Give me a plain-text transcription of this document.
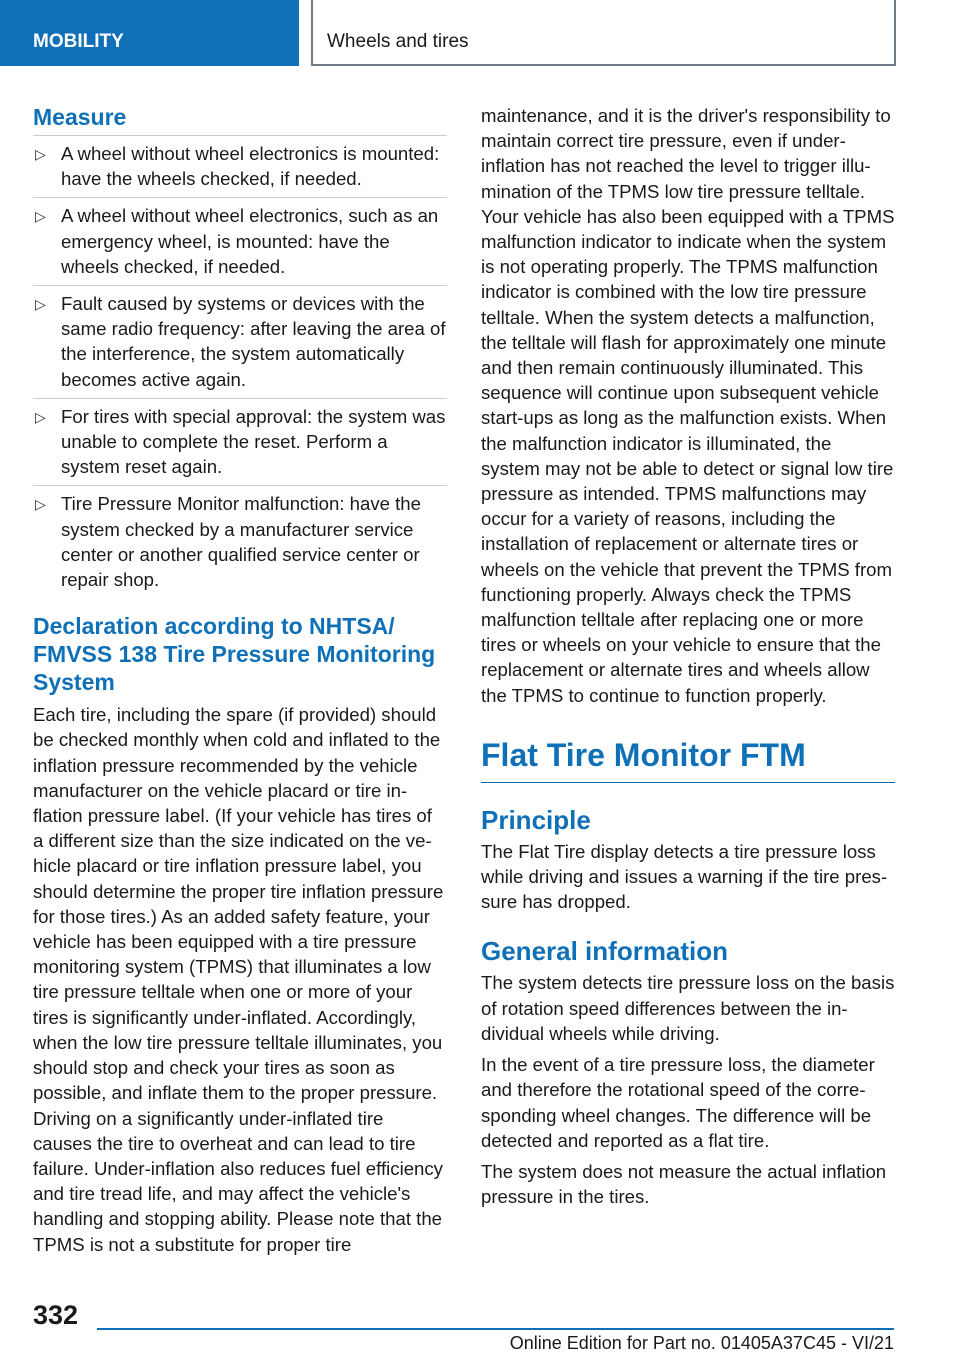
MOBILITY	Wheels and tires
Measure
▷ A wheel without wheel electronics is mounted: have the wheels checked, if needed.
▷ A wheel without wheel electronics, such as an emergency wheel, is mounted: have the wheels checked, if needed.
▷ Fault caused by systems or devices with the same radio frequency: after leaving the area of the interference, the system automatically becomes active again.
▷ For tires with special approval: the system was unable to complete the reset. Perform a system reset again.
▷ Tire Pressure Monitor malfunction: have the system checked by a manufacturer service center or another qualified service center or repair shop.
Declaration according to NHTSA/ FMVSS 138 Tire Pressure Monitoring System

Each tire, including the spare (if provided) should be checked monthly when cold and inflated to the inflation pressure recommended by the vehicle manufacturer on the vehicle placard or tire inflation pressure label. (If your vehicle has tires of a different size than the size indicated on the vehicle placard or tire inflation pressure label, you should determine the proper tire inflation pressure for those tires.) As an added safety feature, your vehicle has been equipped with a tire pressure monitoring system (TPMS) that illuminates a low tire pressure telltale when one or more of your tires is significantly under-inflated. Accordingly, when the low tire pressure telltale illuminates, you should stop and check your tires as soon as possible, and inflate them to the proper pressure. Driving on a significantly under-inflated tire causes the tire to overheat and can lead to tire failure. Under-inflation also reduces fuel efficiency and tire tread life, and may affect the vehicle's handling and stopping ability. Please note that the TPMS is not a substitute for proper tire

maintenance, and it is the driver's responsibility to maintain correct tire pressure, even if underinflation has not reached the level to trigger illumination of the TPMS low tire pressure telltale. Your vehicle has also been equipped with a TPMS malfunction indicator to indicate when the system is not operating properly. The TPMS malfunction indicator is combined with the low tire pressure telltale. When the system detects a malfunction, the telltale will flash for approximately one minute and then remain continuously illuminated. This sequence will continue upon subsequent vehicle start-ups as long as the malfunction exists. When the malfunction indicator is illuminated, the system may not be able to detect or signal low tire pressure as intended. TPMS malfunctions may occur for a variety of reasons, including the installation of replacement or alternate tires or wheels on the vehicle that prevent the TPMS from functioning properly. Always check the TPMS malfunction telltale after replacing one or more tires or wheels on your vehicle to ensure that the replacement or alternate tires and wheels allow the TPMS to continue to function properly.

Flat Tire Monitor FTM
Principle

The Flat Tire display detects a tire pressure loss while driving and issues a warning if the tire pressure has dropped.

General information

The system detects tire pressure loss on the basis of rotation speed differences between the individual wheels while driving.

In the event of a tire pressure loss, the diameter and therefore the rotational speed of the corresponding wheel changes. The difference will be detected and reported as a flat tire.

The system does not measure the actual inflation pressure in the tires.

332
Online Edition for Part no. 01405A37C45 - VI/21
